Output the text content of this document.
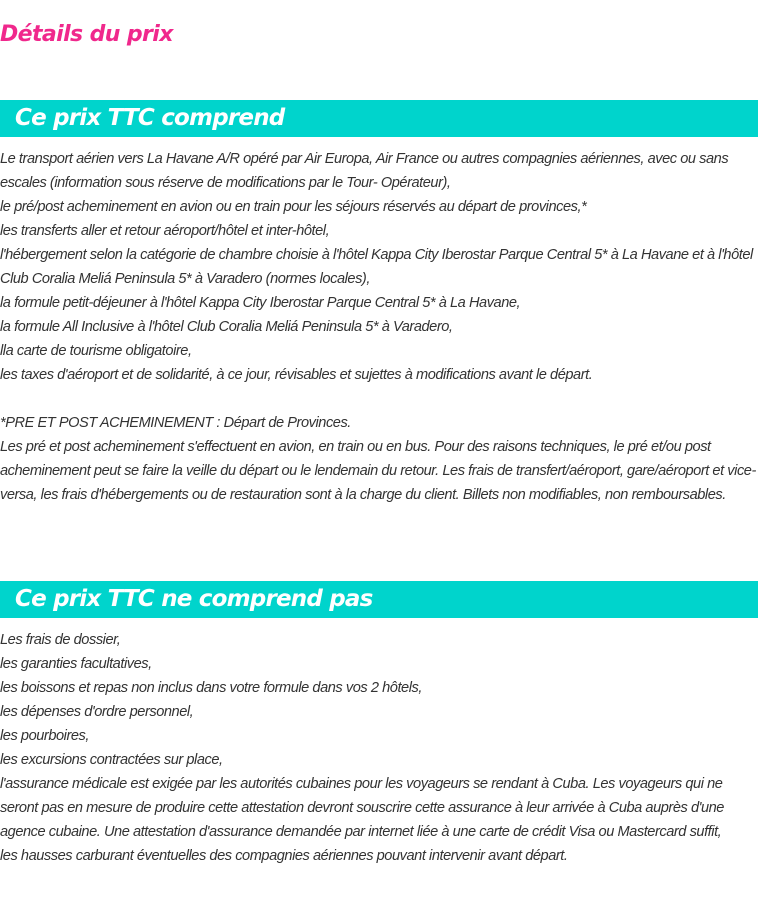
Détails du prix
Ce prix TTC comprend

Le transport aérien vers La Havane A/R opéré par Air Europa, Air France ou autres compagnies aériennes, avec ou sans escales (information sous réserve de modifications par le Tour- Opérateur),

le pré/post acheminement en avion ou en train pour les séjours réservés au départ de provinces,*

les transferts aller et retour aéroport/hôtel et inter-hôtel,

l'hébergement selon la catégorie de chambre choisie à l'hôtel Kappa City Iberostar Parque Central 5* à La Havane et à l'hôtel Club Coralia Meliá Peninsula 5* à Varadero (normes locales),

la formule petit-déjeuner à l'hôtel Kappa City Iberostar Parque Central 5* à La Havane,

la formule All Inclusive à l'hôtel Club Coralia Meliá Peninsula 5* à Varadero,

lla carte de tourisme obligatoire,

les taxes d'aéroport et de solidarité, à ce jour, révisables et sujettes à modifications avant le départ.

*PRE ET POST ACHEMINEMENT : Départ de Provinces.

Les pré et post acheminement s'effectuent en avion, en train ou en bus. Pour des raisons techniques, le pré et/ou post acheminement peut se faire la veille du départ ou le lendemain du retour. Les frais de transfert/aéroport, gare/aéroport et vice-versa, les frais d'hébergements ou de restauration sont à la charge du client. Billets non modifiables, non remboursables.

Ce prix TTC ne comprend pas

Les frais de dossier,

les garanties facultatives,

les boissons et repas non inclus dans votre formule dans vos 2 hôtels,

les dépenses d'ordre personnel,

les pourboires,

les excursions contractées sur place,

l'assurance médicale est exigée par les autorités cubaines pour les voyageurs se rendant à Cuba. Les voyageurs qui ne seront pas en mesure de produire cette attestation devront souscrire cette assurance à leur arrivée à Cuba auprès d'une agence cubaine. Une attestation d'assurance demandée par internet liée à une carte de crédit Visa ou Mastercard suffit,

les hausses carburant éventuelles des compagnies aériennes pouvant intervenir avant départ.
